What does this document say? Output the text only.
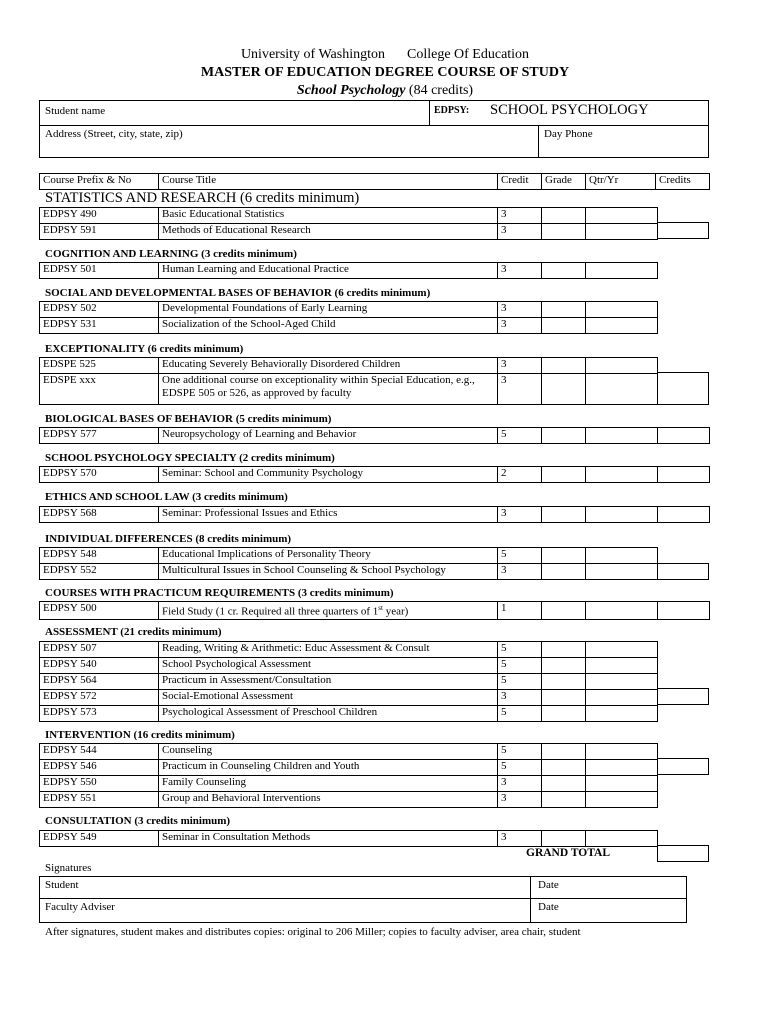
University of Washington College Of Education
MASTER OF EDUCATION DEGREE COURSE OF STUDY
School Psychology (84 credits)
Student name	EDPSY: SCHOOL PSYCHOLOGY
Address (Street, city, state, zip)	Day Phone
Course Prefix & No	Course Title	Credit	Grade	Qtr/Yr	Credits
STATISTICS AND RESEARCH (6 credits minimum)
EDPSY 490	Basic Educational Statistics	3		
EDPSY 591	Methods of Educational Research	3		
COGNITION AND LEARNING (3 credits minimum)
EDPSY 501	Human Learning and Educational Practice	3		
SOCIAL AND DEVELOPMENTAL BASES OF BEHAVIOR (6 credits minimum)
EDPSY 502	Developmental Foundations of Early Learning	3		
EDPSY 531	Socialization of the School-Aged Child	3		
EXCEPTIONALITY (6 credits minimum)
EDSPE 525	Educating Severely Behaviorally Disordered Children	3		
EDSPE xxx	One additional course on exceptionality within Special Education, e.g., EDSPE 505 or 526, as approved by faculty	3		
BIOLOGICAL BASES OF BEHAVIOR (5 credits minimum)
EDPSY 577	Neuropsychology of Learning and Behavior	5			
SCHOOL PSYCHOLOGY SPECIALTY (2 credits minimum)
EDPSY 570	Seminar: School and Community Psychology	2			
ETHICS AND SCHOOL LAW (3 credits minimum)
EDPSY 568	Seminar: Professional Issues and Ethics	3			
INDIVIDUAL DIFFERENCES (8 credits minimum)
EDPSY 548	Educational Implications of Personality Theory	5		
EDPSY 552	Multicultural Issues in School Counseling & School Psychology	3		
COURSES WITH PRACTICUM REQUIREMENTS (3 credits minimum)
EDPSY 500	Field Study (1 cr. Required all three quarters of 1st year)	1			
ASSESSMENT (21 credits minimum)
EDPSY 507	Reading, Writing & Arithmetic: Educ Assessment & Consult	5		
EDPSY 540	School Psychological Assessment	5		
EDPSY 564	Practicum in Assessment/Consultation	5		
EDPSY 572	Social-Emotional Assessment	3		
EDPSY 573	Psychological Assessment of Preschool Children	5		
INTERVENTION (16 credits minimum)
EDPSY 544	Counseling	5		
EDPSY 546	Practicum in Counseling Children and Youth	5		
EDPSY 550	Family Counseling	3		
EDPSY 551	Group and Behavioral Interventions	3		
CONSULTATION (3 credits minimum)
EDPSY 549	Seminar in Consultation Methods	3		
GRAND TOTAL
Signatures
Student	Date
Faculty Adviser	Date
After signatures, student makes and distributes copies: original to 206 Miller; copies to faculty adviser, area chair, student
